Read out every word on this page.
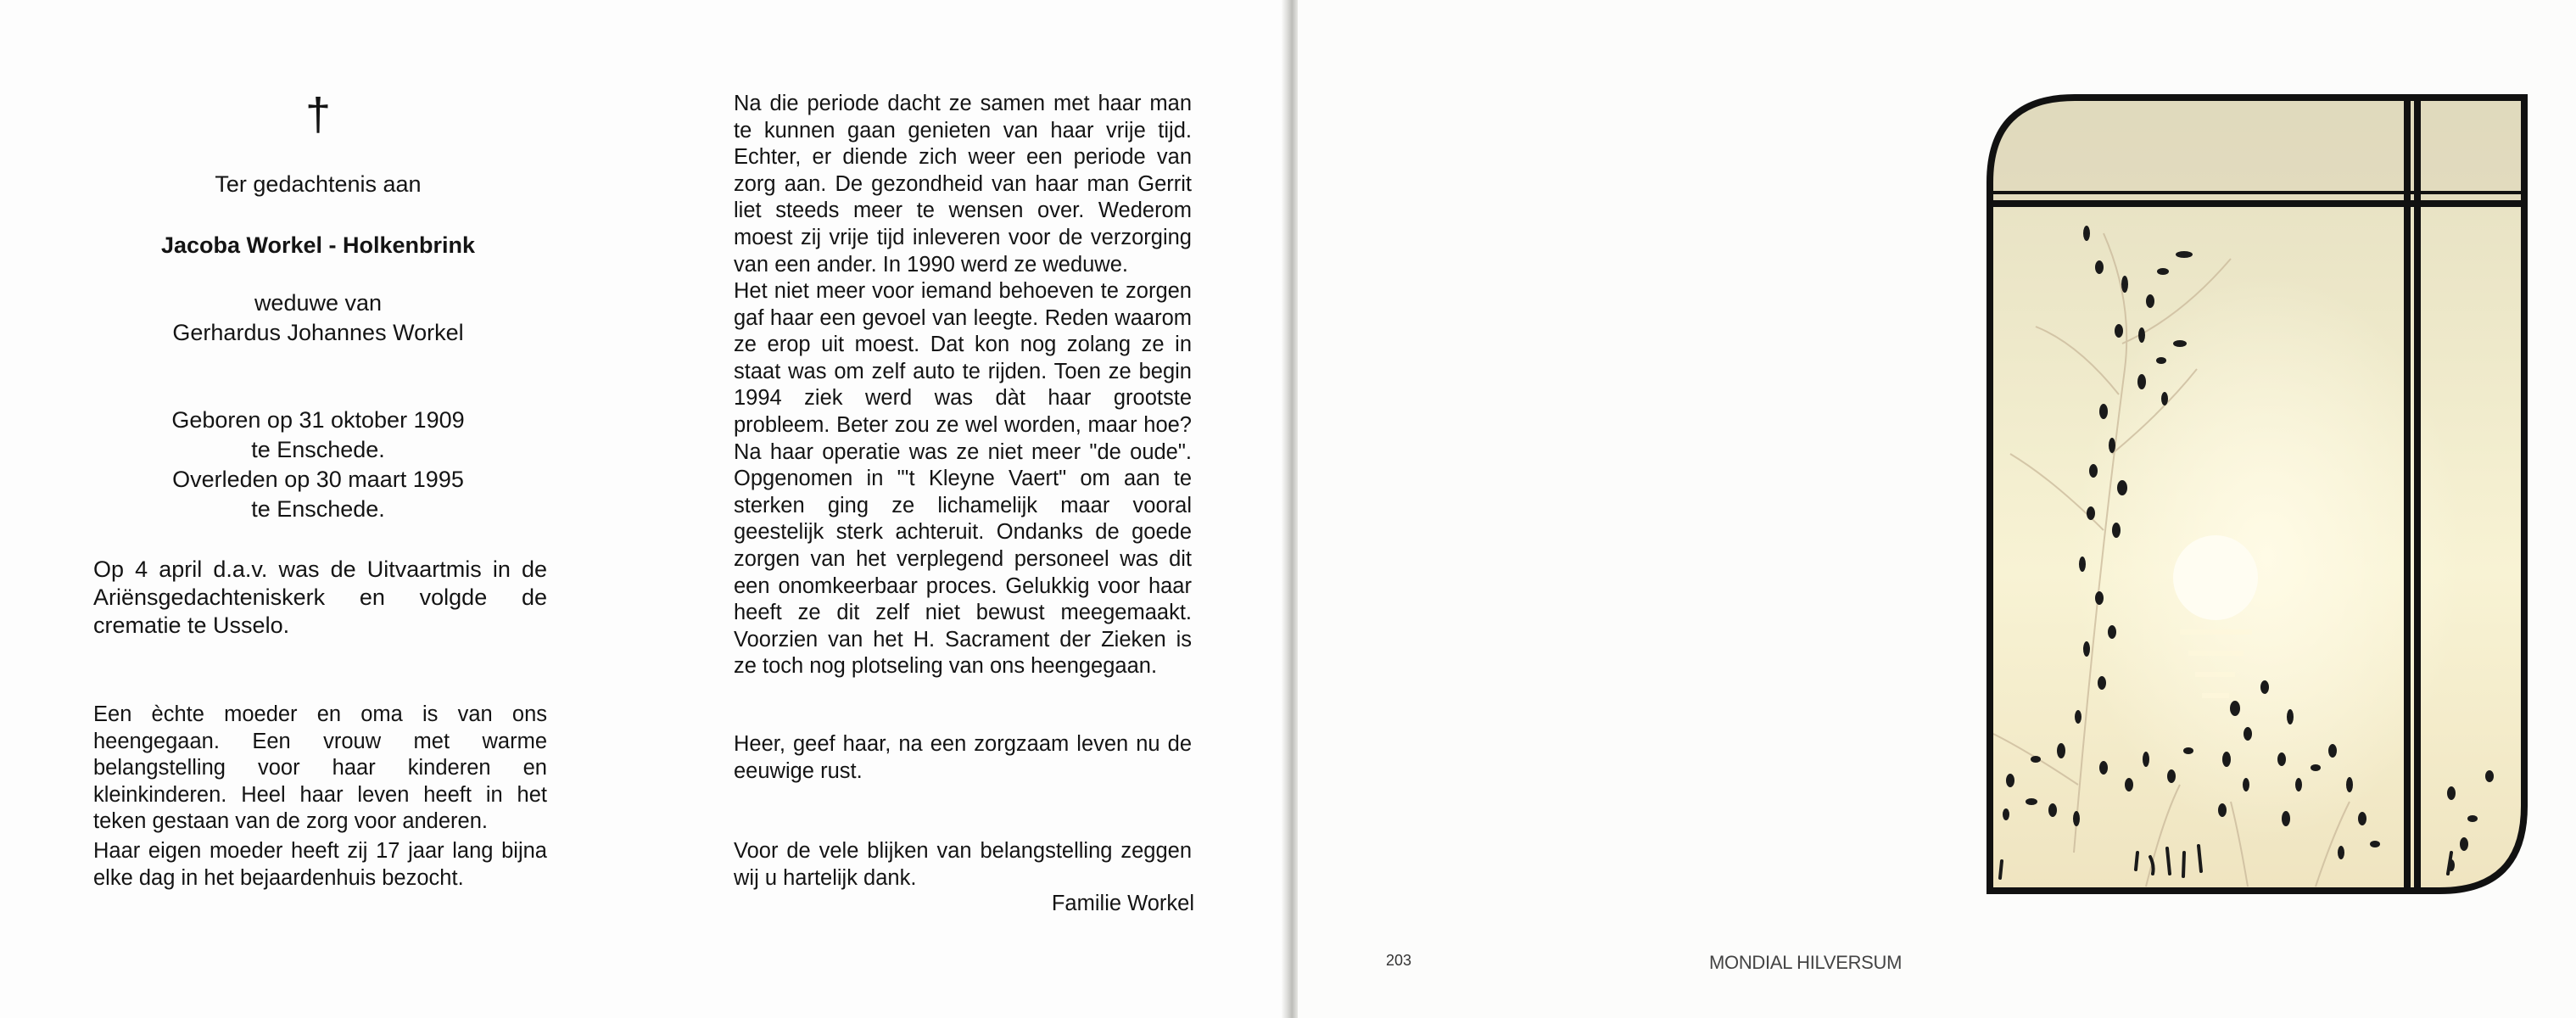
†
Ter gedachtenis aan
Jacoba Workel - Holkenbrink
weduwe van
Gerhardus Johannes Workel
Geboren op 31 oktober 1909
te Enschede.
Overleden op 30 maart 1995
te Enschede.
Op 4 april d.a.v. was de Uitvaartmis in de Ariënsgedachteniskerk en volgde de crematie te Usselo.
Een èchte moeder en oma is van ons heengegaan. Een vrouw met warme belangstelling voor haar kinderen en kleinkinderen. Heel haar leven heeft in het teken gestaan van de zorg voor anderen.
Haar eigen moeder heeft zij 17 jaar lang bijna elke dag in het bejaardenhuis bezocht.
Na die periode dacht ze samen met haar man te kunnen gaan genieten van haar vrije tijd. Echter, er diende zich weer een periode van zorg aan. De gezondheid van haar man Gerrit liet steeds meer te wensen over. Wederom moest zij vrije tijd inleveren voor de verzorging van een ander. In 1990 werd ze weduwe.
Het niet meer voor iemand behoeven te zorgen gaf haar een gevoel van leegte. Reden waarom ze erop uit moest. Dat kon nog zolang ze in staat was om zelf auto te rijden. Toen ze begin 1994 ziek werd was dàt haar grootste probleem. Beter zou ze wel worden, maar hoe? Na haar operatie was ze niet meer "de oude". Opgenomen in "'t Kleyne Vaert" om aan te sterken ging ze lichamelijk maar vooral geestelijk sterk achteruit. Ondanks de goede zorgen van het verplegend personeel was dit een onomkeerbaar proces. Gelukkig voor haar heeft ze dit zelf niet bewust meegemaakt. Voorzien van het H. Sacrament der Zieken is ze toch nog plotseling van ons heengegaan.
Heer, geef haar, na een zorgzaam leven nu de eeuwige rust.
Voor de vele blijken van belangstelling zeggen wij u hartelijk dank.
Familie Workel
203	MONDIAL HILVERSUM
